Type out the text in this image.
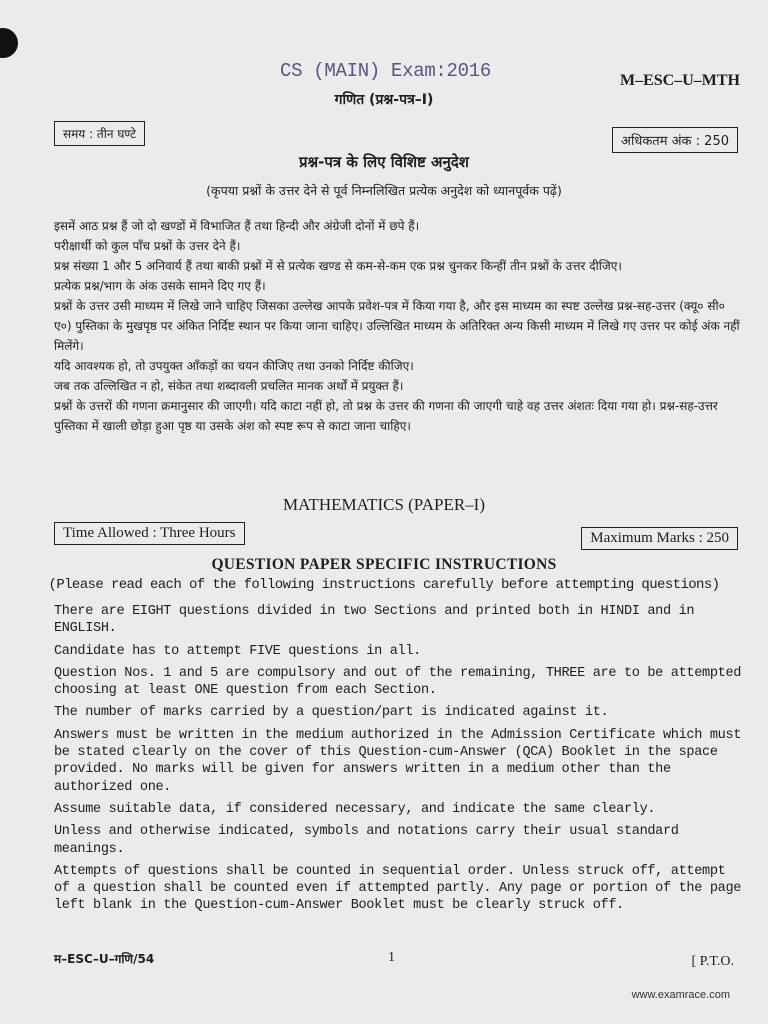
CS (MAIN) Exam:2016	M–ESC–U–MTH
गणित (प्रश्न-पत्र–I)
समय : तीन घण्टे	अधिकतम अंक : 250
प्रश्न-पत्र के लिए विशिष्ट अनुदेश
(कृपया प्रश्नों के उत्तर देने से पूर्व निम्नलिखित प्रत्येक अनुदेश को ध्यानपूर्वक पढ़ें)

इसमें आठ प्रश्न हैं जो दो खण्डों में विभाजित हैं तथा हिन्दी और अंग्रेजी दोनों में छपे हैं।

परीक्षार्थी को कुल पाँच प्रश्नों के उत्तर देने हैं।

प्रश्न संख्या 1 और 5 अनिवार्य हैं तथा बाकी प्रश्नों में से प्रत्येक खण्ड से कम-से-कम एक प्रश्न चुनकर किन्हीं तीन प्रश्नों के उत्तर दीजिए।

प्रत्येक प्रश्न/भाग के अंक उसके सामने दिए गए हैं।

प्रश्नों के उत्तर उसी माध्यम में लिखे जाने चाहिए जिसका उल्लेख आपके प्रवेश-पत्र में किया गया है, और इस माध्यम का स्पष्ट उल्लेख प्रश्न-सह-उत्तर (क्यू० सी० ए०) पुस्तिका के मुखपृष्ठ पर अंकित निर्दिष्ट स्थान पर किया जाना चाहिए। उल्लिखित माध्यम के अतिरिक्त अन्य किसी माध्यम में लिखे गए उत्तर पर कोई अंक नहीं मिलेंगे।

यदि आवश्यक हो, तो उपयुक्त आँकड़ों का चयन कीजिए तथा उनको निर्दिष्ट कीजिए।

जब तक उल्लिखित न हो, संकेत तथा शब्दावली प्रचलित मानक अर्थों में प्रयुक्त हैं।

प्रश्नों के उत्तरों की गणना क्रमानुसार की जाएगी। यदि काटा नहीं हो, तो प्रश्न के उत्तर की गणना की जाएगी चाहे वह उत्तर अंशतः दिया गया हो। प्रश्न-सह-उत्तर पुस्तिका में खाली छोड़ा हुआ पृष्ठ या उसके अंश को स्पष्ट रूप से काटा जाना चाहिए।

MATHEMATICS (PAPER–I)
Time Allowed : Three Hours	Maximum Marks : 250
QUESTION PAPER SPECIFIC INSTRUCTIONS
(Please read each of the following instructions carefully before attempting questions)

There are EIGHT questions divided in two Sections and printed both in HINDI and in ENGLISH.

Candidate has to attempt FIVE questions in all.

Question Nos. 1 and 5 are compulsory and out of the remaining, THREE are to be attempted choosing at least ONE question from each Section.

The number of marks carried by a question/part is indicated against it.

Answers must be written in the medium authorized in the Admission Certificate which must be stated clearly on the cover of this Question-cum-Answer (QCA) Booklet in the space provided. No marks will be given for answers written in a medium other than the authorized one.

Assume suitable data, if considered necessary, and indicate the same clearly.

Unless and otherwise indicated, symbols and notations carry their usual standard meanings.

Attempts of questions shall be counted in sequential order. Unless struck off, attempt of a question shall be counted even if attempted partly. Any page or portion of the page left blank in the Question-cum-Answer Booklet must be clearly struck off.

म–ESC–U–गणि/54	1	[ P.T.O.
www.examrace.com
